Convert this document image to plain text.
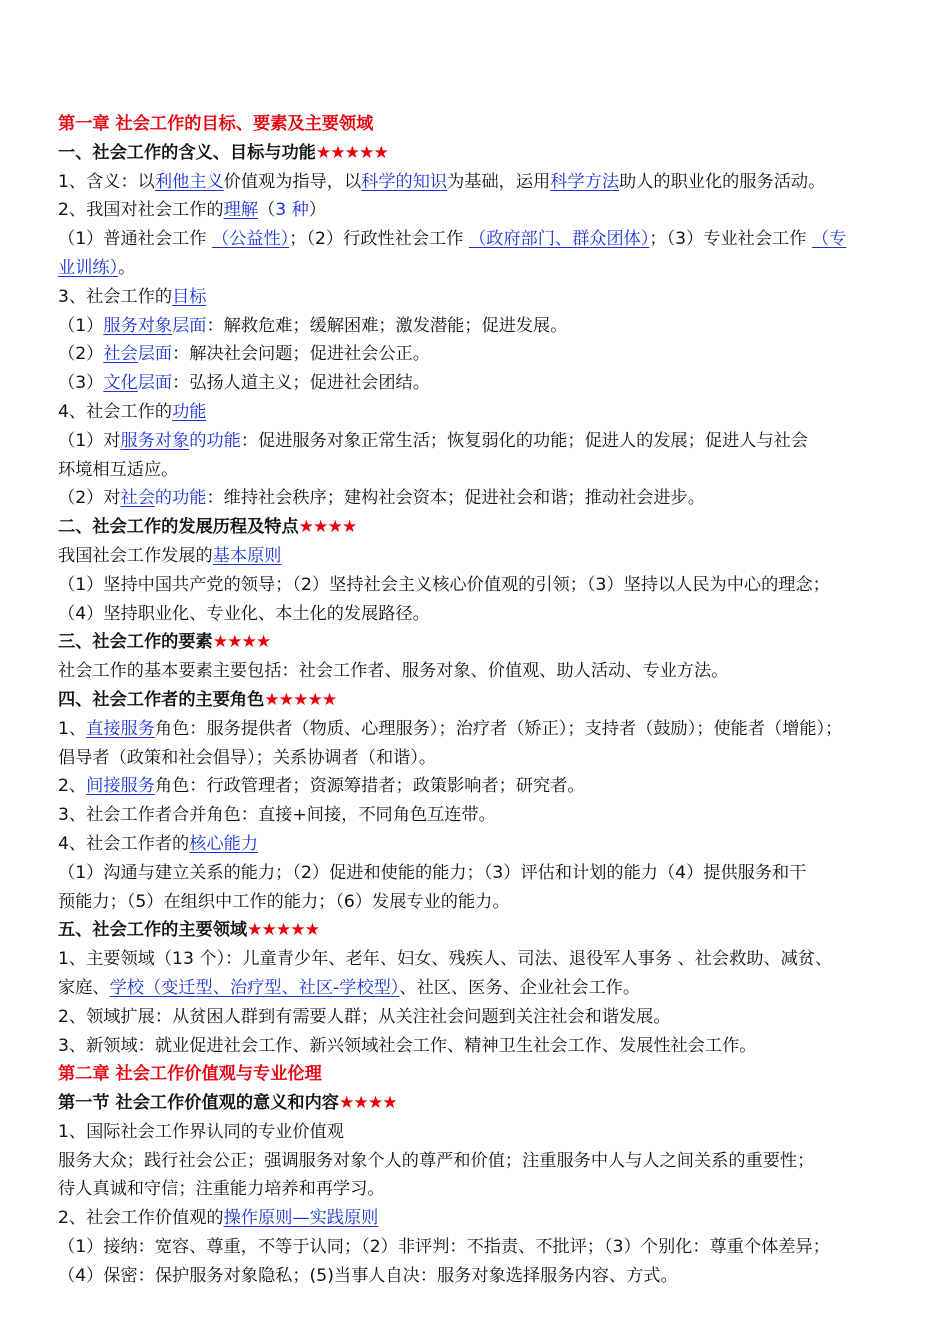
第一章 社会工作的目标、要素及主要领域
一、社会工作的含义、目标与功能★★★★★
1、含义：以利他主义价值观为指导，以科学的知识为基础，运用科学方法助人的职业化的服务活动。
2、我国对社会工作的理解（3 种）
（1）普通社会工作 （公益性）；（2）行政性社会工作 （政府部门、群众团体）；（3）专业社会工作 （专
业训练）。
3、社会工作的目标
（1）服务对象层面：解救危难；缓解困难；激发潜能；促进发展。
（2）社会层面：解决社会问题；促进社会公正。
（3）文化层面：弘扬人道主义；促进社会团结。
4、社会工作的功能
（1）对服务对象的功能：促进服务对象正常生活；恢复弱化的功能；促进人的发展；促进人与社会
环境相互适应。
（2）对社会的功能：维持社会秩序；建构社会资本；促进社会和谐；推动社会进步。
二、社会工作的发展历程及特点★★★★
我国社会工作发展的基本原则
（1）坚持中国共产党的领导；（2）坚持社会主义核心价值观的引领；（3）坚持以人民为中心的理念；
（4）坚持职业化、专业化、本土化的发展路径。
三、社会工作的要素★★★★
社会工作的基本要素主要包括：社会工作者、服务对象、价值观、助人活动、专业方法。
四、社会工作者的主要角色★★★★★
1、直接服务角色：服务提供者（物质、心理服务）；治疗者（矫正）；支持者（鼓励）；使能者（增能）；
倡导者（政策和社会倡导）；关系协调者（和谐）。
2、间接服务角色：行政管理者；资源筹措者；政策影响者；研究者。
3、社会工作者合并角色：直接+间接，不同角色互连带。
4、社会工作者的核心能力
（1）沟通与建立关系的能力；（2）促进和使能的能力；（3）评估和计划的能力（4）提供服务和干
预能力；（5）在组织中工作的能力；（6）发展专业的能力。
五、社会工作的主要领域★★★★★
1、主要领域（13 个）：儿童青少年、老年、妇女、残疾人、司法、退役军人事务 、社会救助、减贫、
家庭、学校（变迁型、治疗型、社区-学校型）、社区、医务、企业社会工作。
2、领域扩展：从贫困人群到有需要人群；从关注社会问题到关注社会和谐发展。
3、新领域：就业促进社会工作、新兴领域社会工作、精神卫生社会工作、发展性社会工作。
第二章 社会工作价值观与专业伦理
第一节 社会工作价值观的意义和内容★★★★
1、国际社会工作界认同的专业价值观
服务大众；践行社会公正；强调服务对象个人的尊严和价值；注重服务中人与人之间关系的重要性；
待人真诚和守信；注重能力培养和再学习。
2、社会工作价值观的操作原则—实践原则
（1）接纳：宽容、尊重，不等于认同；（2）非评判：不指责、不批评；（3）个别化：尊重个体差异；
（4）保密：保护服务对象隐私；(5)当事人自决：服务对象选择服务内容、方式。
